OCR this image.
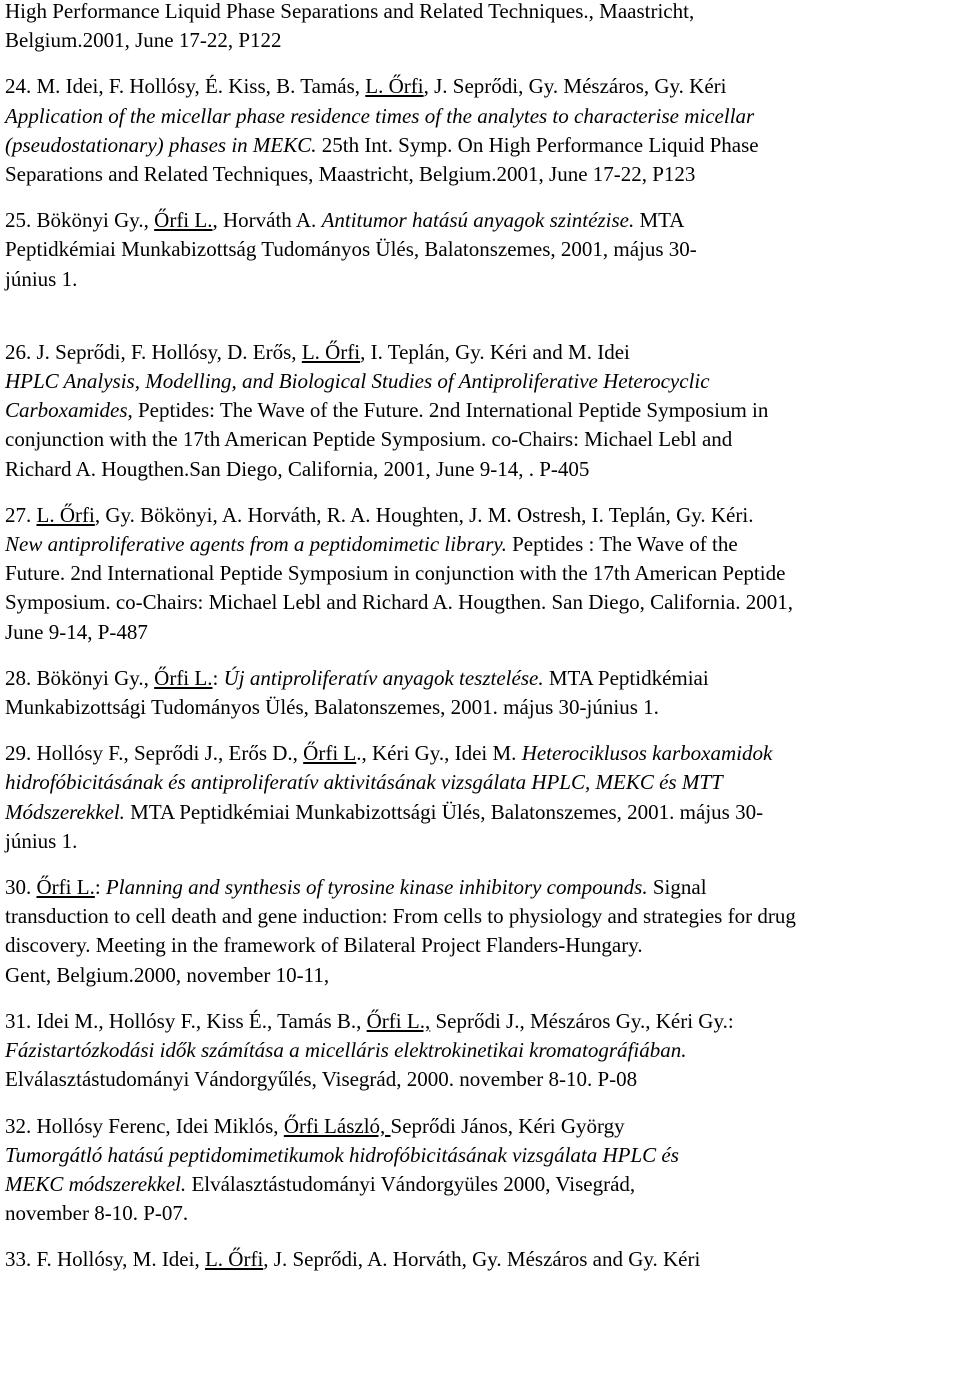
High Performance Liquid Phase Separations and Related Techniques., Maastricht,
Belgium.2001, June 17-22, P122
24. M. Idei, F. Hollósy, É. Kiss, B. Tamás, L. Őrfi, J. Seprődi, Gy. Mészáros, Gy. Kéri
Application of the micellar phase residence times of the analytes to characterise micellar
(pseudostationary) phases in MEKC. 25th Int. Symp. On High Performance Liquid Phase
Separations and Related Techniques, Maastricht, Belgium.2001, June 17-22, P123
25. Bökönyi Gy., Őrfi L., Horváth A. Antitumor hatású anyagok szintézise. MTA
Peptidkémiai Munkabizottság Tudományos Ülés, Balatonszemes, 2001, május 30-
június 1.
26. J. Seprődi, F. Hollósy, D. Erős, L. Őrfi, I. Teplán, Gy. Kéri and M. Idei
HPLC Analysis, Modelling, and Biological Studies of Antiproliferative Heterocyclic
Carboxamides, Peptides: The Wave of the Future. 2nd International Peptide Symposium in
conjunction with the 17th American Peptide Symposium. co-Chairs: Michael Lebl and
Richard A. Hougthen.San Diego, California, 2001, June 9-14, . P-405
27. L. Őrfi, Gy. Bökönyi, A. Horváth, R. A. Houghten, J. M. Ostresh, I. Teplán, Gy. Kéri.
New antiproliferative agents from a peptidomimetic library. Peptides : The Wave of the
Future. 2nd International Peptide Symposium in conjunction with the 17th American Peptide
Symposium. co-Chairs: Michael Lebl and Richard A. Hougthen. San Diego, California. 2001,
June 9-14, P-487
28. Bökönyi Gy., Őrfi L.: Új antiproliferatív anyagok tesztelése. MTA Peptidkémiai
Munkabizottsági Tudományos Ülés, Balatonszemes, 2001. május 30-június 1.
29. Hollósy F., Seprődi J., Erős D., Őrfi L., Kéri Gy., Idei M. Heterociklusos karboxamidok
hidrofóbicitásának és antiproliferatív aktivitásának vizsgálata HPLC, MEKC és MTT
Módszerekkel. MTA Peptidkémiai Munkabizottsági Ülés, Balatonszemes, 2001. május 30-
június 1.
30. Őrfi L.: Planning and synthesis of tyrosine kinase inhibitory compounds. Signal
transduction to cell death and gene induction: From cells to physiology and strategies for drug
discovery. Meeting in the framework of Bilateral Project Flanders-Hungary.
Gent, Belgium.2000, november 10-11,
31. Idei M., Hollósy F., Kiss É., Tamás B., Őrfi L., Seprődi J., Mészáros Gy., Kéri Gy.:
Fázistartózkodási idők számítása a micelláris elektrokinetikai kromatográfiában.
Elválasztástudományi Vándorgyűlés, Visegrád, 2000. november 8-10. P-08
32. Hollósy Ferenc, Idei Miklós, Őrfi László, Seprődi János, Kéri György
Tumorgátló hatású peptidomimetikumok hidrofóbicitásának vizsgálata HPLC és
MEKC módszerekkel. Elválasztástudományi Vándorgyüles 2000, Visegrád,
november 8-10. P-07.
33. F. Hollósy, M. Idei, L. Őrfi, J. Seprődi, A. Horváth, Gy. Mészáros and Gy. Kéri
